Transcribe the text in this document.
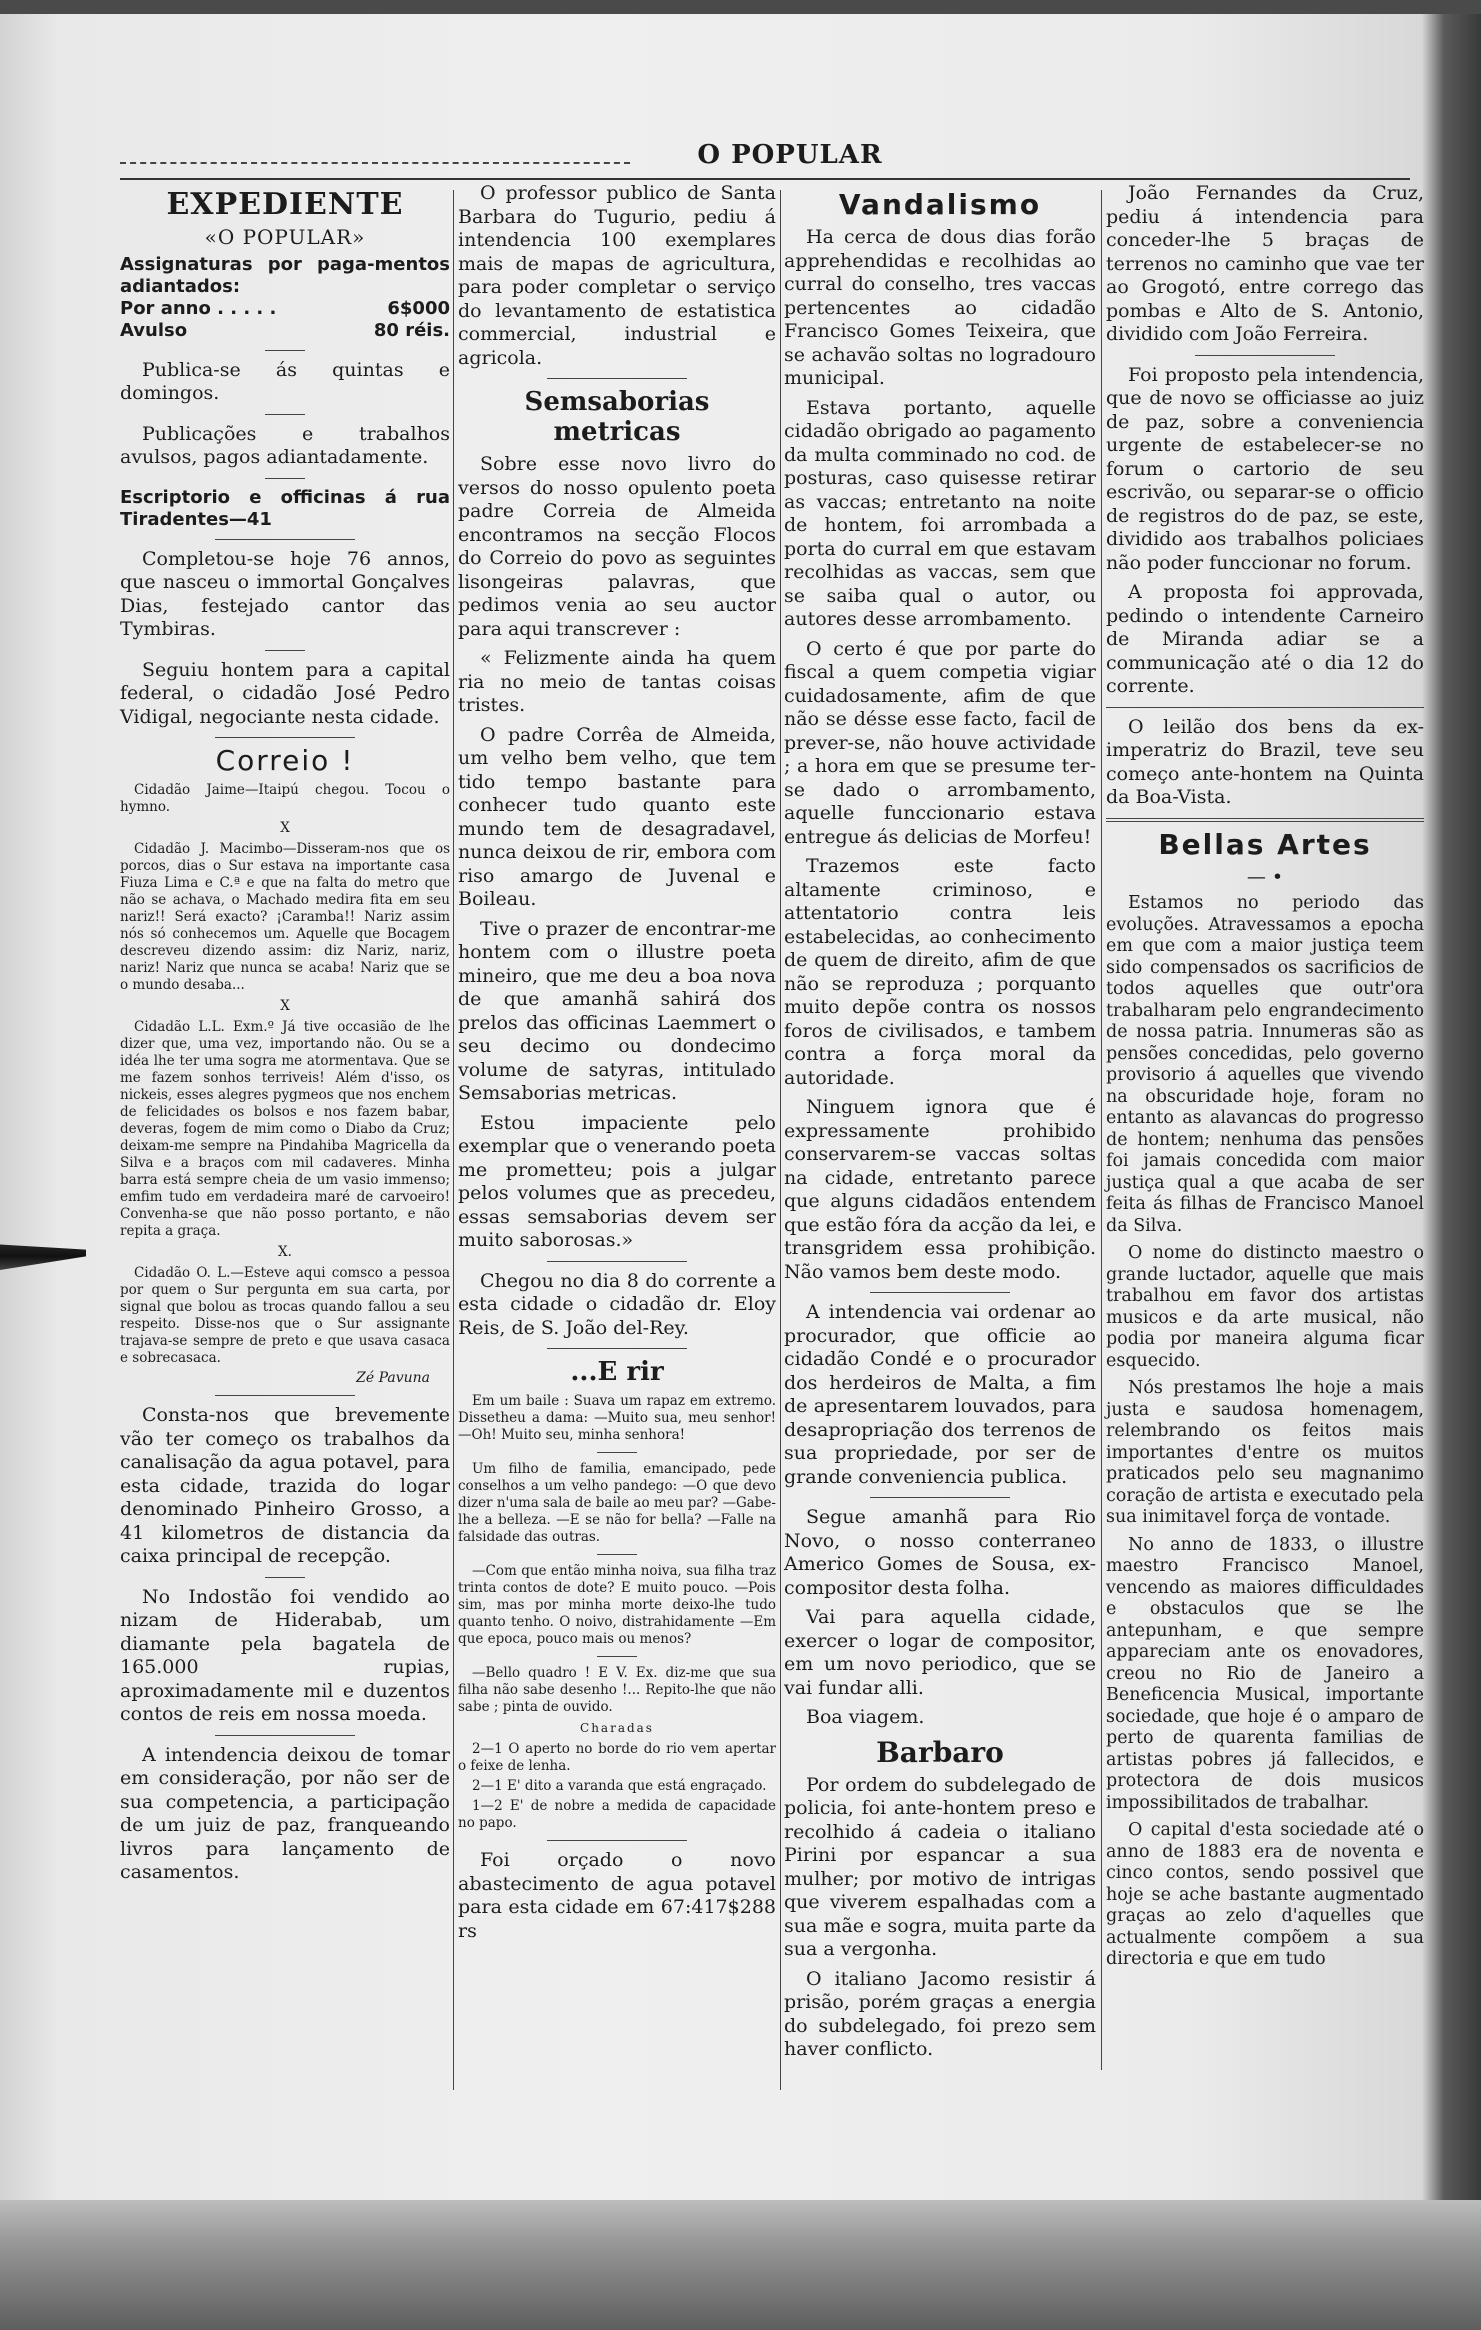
O POPULAR
EXPEDIENTE
«O POPULAR»
Assignaturas por paga-mentos adiantados:
Por anno . . . . .	6$000
Avulso	80 réis.

Publica-se ás quintas e domingos.

Publicações e trabalhos avulsos, pagos adiantadamente.

Escriptorio e officinas á rua Tiradentes—41

Completou-se hoje 76 annos, que nasceu o immortal Gonçalves Dias, festejado cantor das Tymbiras.

Seguiu hontem para a capital federal, o cidadão José Pedro Vidigal, negociante nesta cidade.

Correio !

Cidadão Jaime—Itaipú chegou. Tocou o hymno.

X

Cidadão J. Macimbo—Disseram-nos que os porcos, dias o Sur estava na importante casa Fiuza Lima e C.ª e que na falta do metro que não se achava, o Machado medira fita em seu nariz!! Será exacto? ¡Caramba!! Nariz assim nós só conhecemos um. Aquelle que Bocagem descreveu dizendo assim: diz Nariz, nariz, nariz! Nariz que nunca se acaba! Nariz que se o mundo desaba...

X

Cidadão L.L. Exm.º Já tive occasião de lhe dizer que, uma vez, importando não. Ou se a idéa lhe ter uma sogra me atormentava. Que se me fazem sonhos terriveis! Além d'isso, os nickeis, esses alegres pygmeos que nos enchem de felicidades os bolsos e nos fazem babar, deveras, fogem de mim como o Diabo da Cruz; deixam-me sempre na Pindahiba Magricella da Silva e a braços com mil cadaveres. Minha barra está sempre cheia de um vasio immenso; emfim tudo em verdadeira maré de carvoeiro! Convenha-se que não posso portanto, e não repita a graça.

X.

Cidadão O. L.—Esteve aqui comsco a pessoa por quem o Sur pergunta em sua carta, por signal que bolou as trocas quando fallou a seu respeito. Disse-nos que o Sur assignante trajava-se sempre de preto e que usava casaca e sobrecasaca.

Zé Pavuna

Consta-nos que brevemente vão ter começo os trabalhos da canalisação da agua potavel, para esta cidade, trazida do logar denominado Pinheiro Grosso, a 41 kilometros de distancia da caixa principal de recepção.

No Indostão foi vendido ao nizam de Hiderabab, um diamante pela bagatela de 165.000 rupias, aproximadamente mil e duzentos contos de reis em nossa moeda.

A intendencia deixou de tomar em consideração, por não ser de sua competencia, a participação de um juiz de paz, franqueando livros para lançamento de casamentos.

O professor publico de Santa Barbara do Tugurio, pediu á intendencia 100 exemplares mais de mapas de agricultura, para poder completar o serviço do levantamento de estatistica commercial, industrial e agricola.

Semsaborias metricas

Sobre esse novo livro do versos do nosso opulento poeta padre Correia de Almeida encontramos na secção Flocos do Correio do povo as seguintes lisongeiras palavras, que pedimos venia ao seu auctor para aqui transcrever :

« Felizmente ainda ha quem ria no meio de tantas coisas tristes.

O padre Corrêa de Almeida, um velho bem velho, que tem tido tempo bastante para conhecer tudo quanto este mundo tem de desagradavel, nunca deixou de rir, embora com riso amargo de Juvenal e Boileau.

Tive o prazer de encontrar-me hontem com o illustre poeta mineiro, que me deu a boa nova de que amanhã sahirá dos prelos das officinas Laemmert o seu decimo ou dondecimo volume de satyras, intitulado Semsaborias metricas.

Estou impaciente pelo exemplar que o venerando poeta me prometteu; pois a julgar pelos volumes que as precedeu, essas semsaborias devem ser muito saborosas.»

Chegou no dia 8 do corrente a esta cidade o cidadão dr. Eloy Reis, de S. João del-Rey.

...E rir

Em um baile : Suava um rapaz em extremo. Dissetheu a dama: —Muito sua, meu senhor! —Oh! Muito seu, minha senhora!

Um filho de familia, emancipado, pede conselhos a um velho pandego: —O que devo dizer n'uma sala de baile ao meu par? —Gabe-lhe a belleza. —E se não for bella? —Falle na falsidade das outras.

—Com que então minha noiva, sua filha traz trinta contos de dote? E muito pouco. —Pois sim, mas por minha morte deixo-lhe tudo quanto tenho. O noivo, distrahidamente —Em que epoca, pouco mais ou menos?

—Bello quadro ! E V. Ex. diz-me que sua filha não sabe desenho !... Repito-lhe que não sabe ; pinta de ouvido.

Charadas

2—1 O aperto no borde do rio vem apertar o feixe de lenha.

2—1 E' dito a varanda que está engraçado.

1—2 E' de nobre a medida de capacidade no papo.

Foi orçado o novo abastecimento de agua potavel para esta cidade em 67:417$288 rs

Vandalismo

Ha cerca de dous dias forão apprehendidas e recolhidas ao curral do conselho, tres vaccas pertencentes ao cidadão Francisco Gomes Teixeira, que se achavão soltas no logradouro municipal.

Estava portanto, aquelle cidadão obrigado ao pagamento da multa comminado no cod. de posturas, caso quisesse retirar as vaccas; entretanto na noite de hontem, foi arrombada a porta do curral em que estavam recolhidas as vaccas, sem que se saiba qual o autor, ou autores desse arrombamento.

O certo é que por parte do fiscal a quem competia vigiar cuidadosamente, afim de que não se désse esse facto, facil de prever-se, não houve actividade ; a hora em que se presume ter-se dado o arrombamento, aquelle funccionario estava entregue ás delicias de Morfeu!

Trazemos este facto altamente criminoso, e attentatorio contra leis estabelecidas, ao conhecimento de quem de direito, afim de que não se reproduza ; porquanto muito depõe contra os nossos foros de civilisados, e tambem contra a força moral da autoridade.

Ninguem ignora que é expressamente prohibido conservarem-se vaccas soltas na cidade, entretanto parece que alguns cidadãos entendem que estão fóra da acção da lei, e transgridem essa prohibição. Não vamos bem deste modo.

A intendencia vai ordenar ao procurador, que officie ao cidadão Condé e o procurador dos herdeiros de Malta, a fim de apresentarem louvados, para desapropriação dos terrenos de sua propriedade, por ser de grande conveniencia publica.

Segue amanhã para Rio Novo, o nosso conterraneo Americo Gomes de Sousa, ex-compositor desta folha.

Vai para aquella cidade, exercer o logar de compositor, em um novo periodico, que se vai fundar alli.

Boa viagem.

Barbaro

Por ordem do subdelegado de policia, foi ante-hontem preso e recolhido á cadeia o italiano Pirini por espancar a sua mulher; por motivo de intrigas que viverem espalhadas com a sua mãe e sogra, muita parte da sua a vergonha.

O italiano Jacomo resistir á prisão, porém graças a energia do subdelegado, foi prezo sem haver conflicto.

João Fernandes da Cruz, pediu á intendencia para conceder-lhe 5 braças de terrenos no caminho que vae ter ao Grogotó, entre corrego das pombas e Alto de S. Antonio, dividido com João Ferreira.

Foi proposto pela intendencia, que de novo se officiasse ao juiz de paz, sobre a conveniencia urgente de estabelecer-se no forum o cartorio de seu escrivão, ou separar-se o officio de registros do de paz, se este, dividido aos trabalhos policiaes não poder funccionar no forum.

A proposta foi approvada, pedindo o intendente Carneiro de Miranda adiar se a communicação até o dia 12 do corrente.

O leilão dos bens da ex-imperatriz do Brazil, teve seu começo ante-hontem na Quinta da Boa-Vista.

Bellas Artes
— •

Estamos no periodo das evoluções. Atravessamos a epocha em que com a maior justiça teem sido compensados os sacrificios de todos aquelles que outr'ora trabalharam pelo engrandecimento de nossa patria. Innumeras são as pensões concedidas, pelo governo provisorio á aquelles que vivendo na obscuridade hoje, foram no entanto as alavancas do progresso de hontem; nenhuma das pensões foi jamais concedida com maior justiça qual a que acaba de ser feita ás filhas de Francisco Manoel da Silva.

O nome do distincto maestro o grande luctador, aquelle que mais trabalhou em favor dos artistas musicos e da arte musical, não podia por maneira alguma ficar esquecido.

Nós prestamos lhe hoje a mais justa e saudosa homenagem, relembrando os feitos mais importantes d'entre os muitos praticados pelo seu magnanimo coração de artista e executado pela sua inimitavel força de vontade.

No anno de 1833, o illustre maestro Francisco Manoel, vencendo as maiores difficuldades e obstaculos que se lhe antepunham, e que sempre appareciam ante os enovadores, creou no Rio de Janeiro a Beneficencia Musical, importante sociedade, que hoje é o amparo de perto de quarenta familias de artistas pobres já fallecidos, e protectora de dois musicos impossibilitados de trabalhar.

O capital d'esta sociedade até o anno de 1883 era de noventa e cinco contos, sendo possivel que hoje se ache bastante augmentado graças ao zelo d'aquelles que actualmente compõem a sua directoria e que em tudo
